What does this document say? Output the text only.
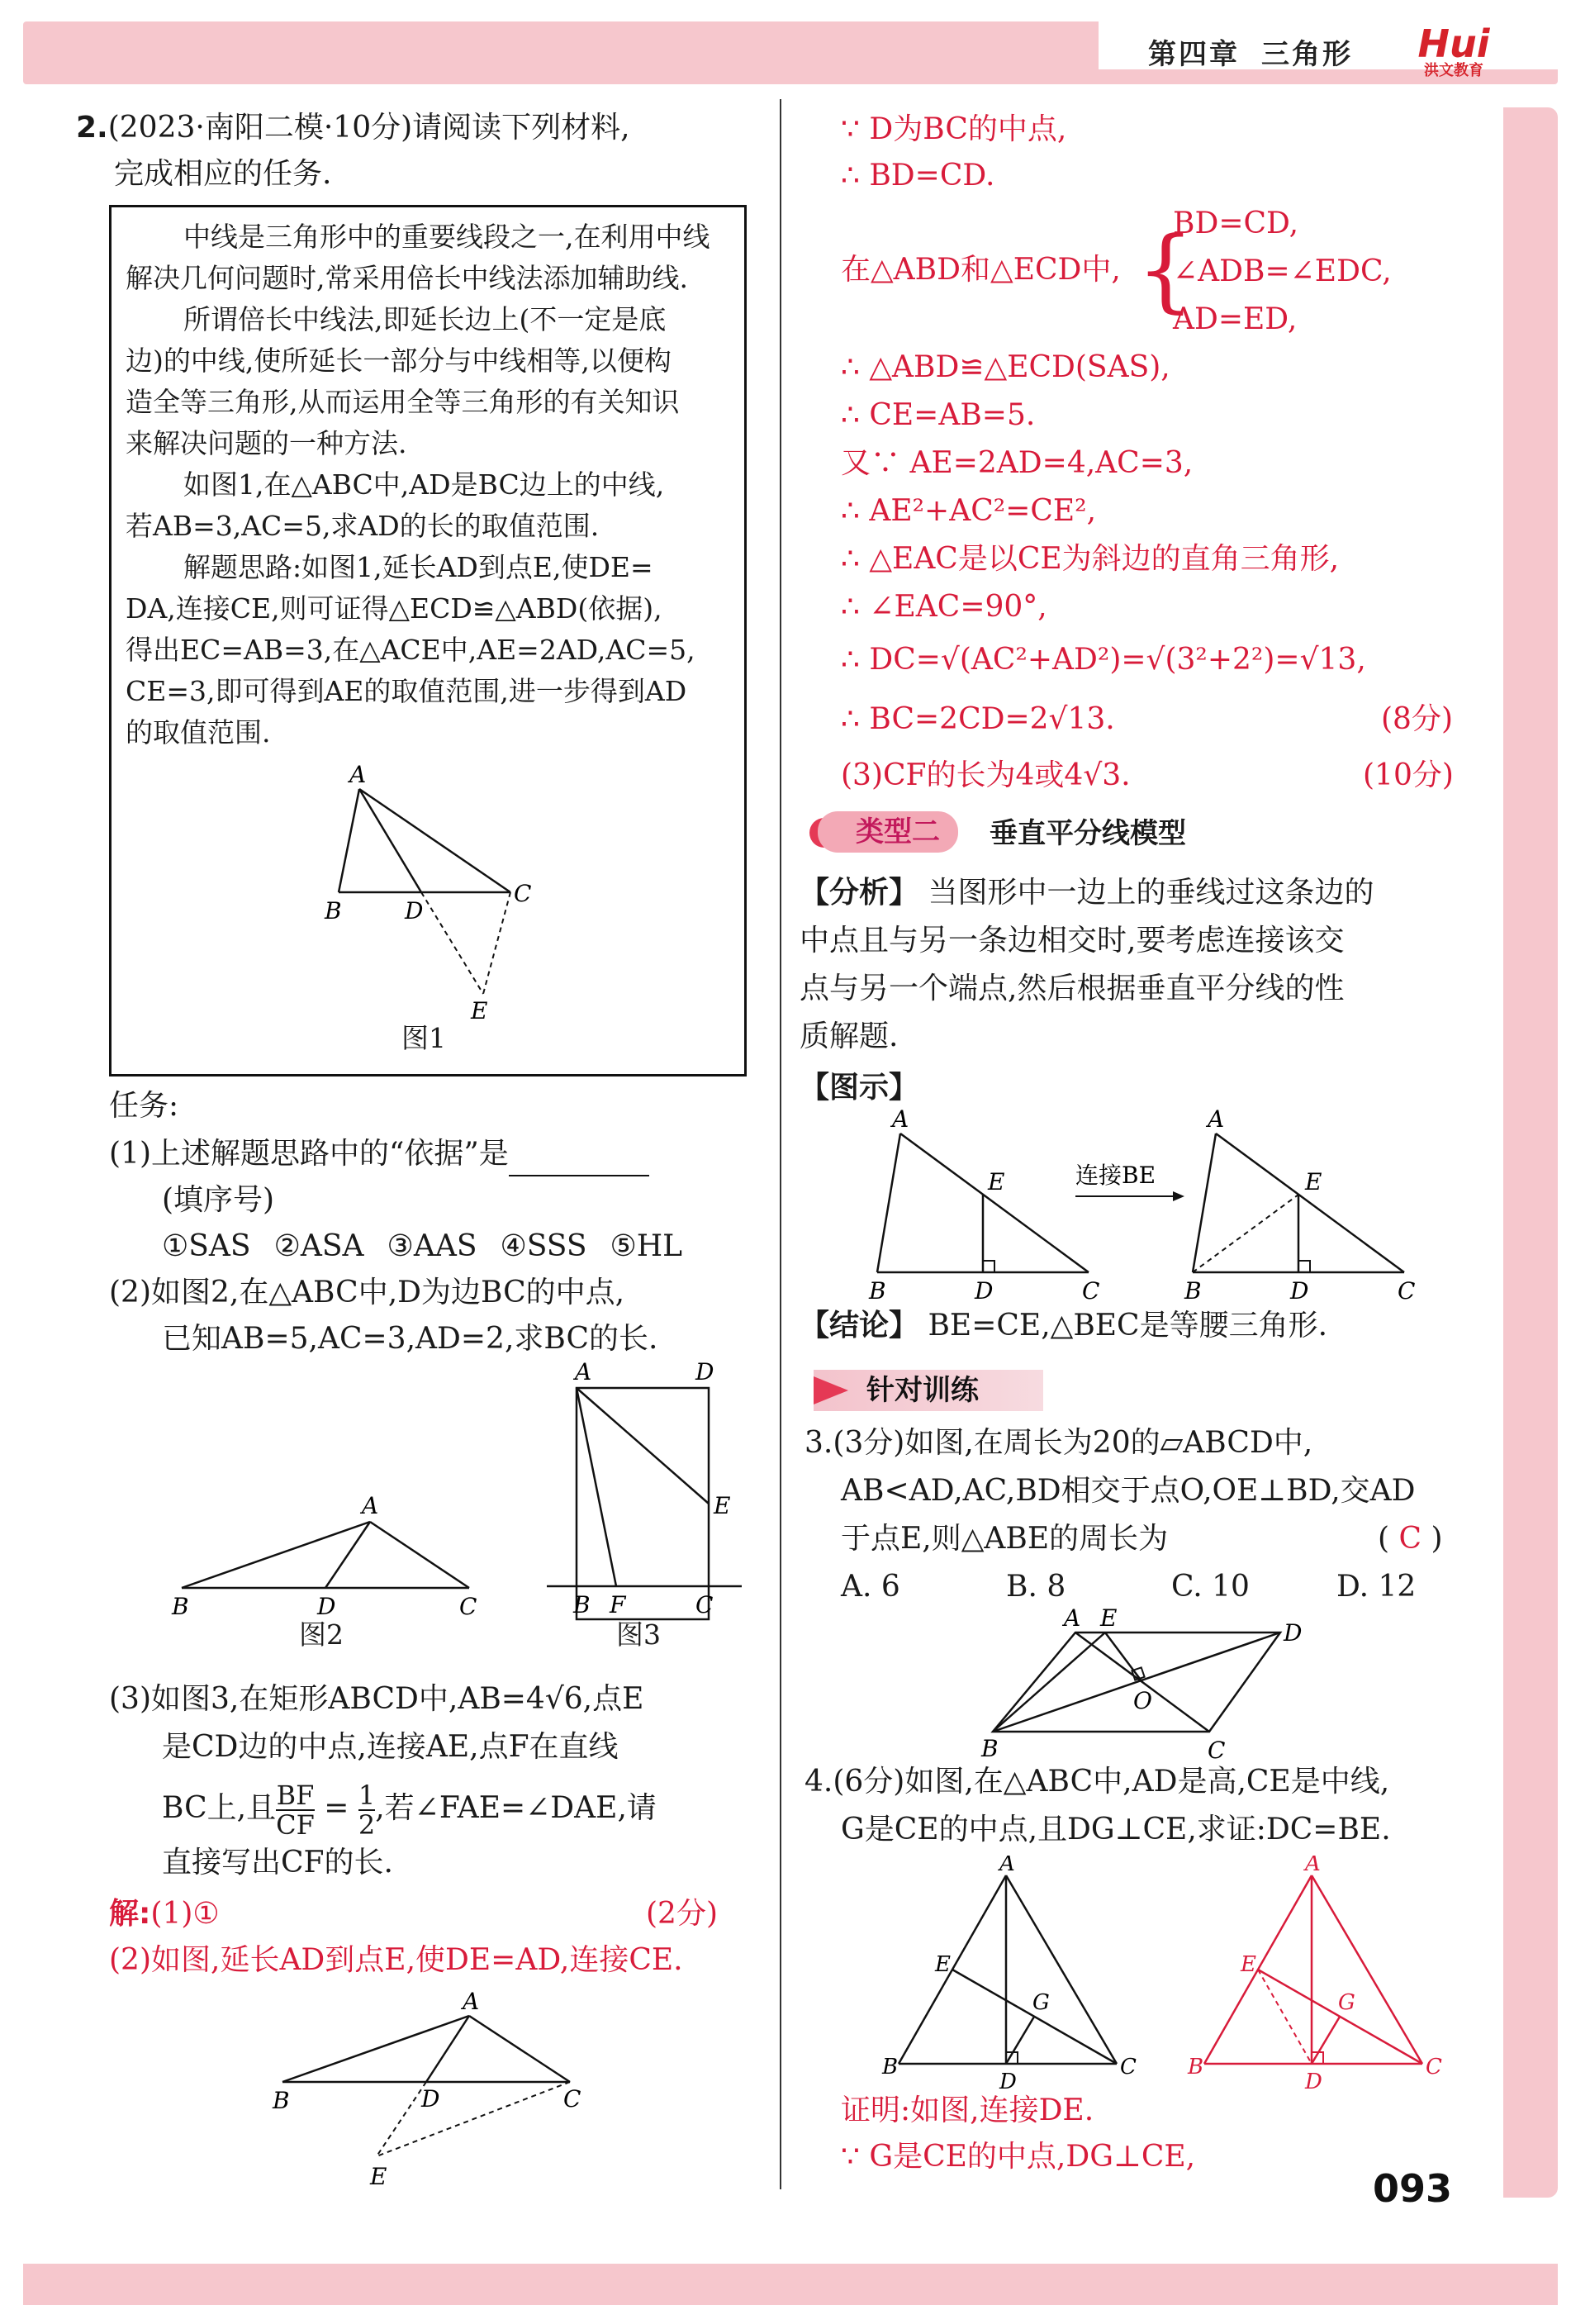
第四章 三角形	Hui
洪文教育
093
2.(2023·南阳二模·10分)请阅读下列材料,
完成相应的任务.
中线是三角形中的重要线段之一,在利用中线
解决几何问题时,常采用倍长中线法添加辅助线.
所谓倍长中线法,即延长边上(不一定是底
边)的中线,使所延长一部分与中线相等,以便构
造全等三角形,从而运用全等三角形的有关知识
来解决问题的一种方法.
如图1,在△ABC中,AD是BC边上的中线,
若AB=3,AC=5,求AD的长的取值范围.
解题思路:如图1,延长AD到点E,使DE=
DA,连接CE,则可证得△ECD≌△ABD(依据),
得出EC=AB=3,在△ACE中,AE=2AD,AC=5,
CE=3,即可得到AE的取值范围,进一步得到AD
的取值范围.
A
B	D
C
E
图1
任务:
(1)上述解题思路中的“依据”是
(填序号)
①SAS ②ASA ③AAS ④SSS ⑤HL
(2)如图2,在△ABC中,D为边BC的中点,
已知AB=5,AC=3,AD=2,求BC的长.
A
B	D	C
图2
A	D
E
B F	C
图3
(3)如图3,在矩形ABCD中,AB=4√6,点E
是CD边的中点,连接AE,点F在直线
BC上,且 $\frac{BF}{CF} = \frac{1}{2}$ ,若∠FAE=∠DAE,请
直接写出CF的长.
解:(1)①	(2分)
(2)如图,延长AD到点E,使DE=AD,连接CE.
A
B	D	C
E
∵ D为BC的中点,
∴ BD=CD.
在△ABD和△ECD中, {
BD=CD,
∠ADB=∠EDC,
AD=ED,
∴ △ABD≌△ECD(SAS),
∴ CE=AB=5.
又∵ AE=2AD=4,AC=3,
∴ AE²+AC²=CE²,
∴ △EAC是以CE为斜边的直角三角形,
∴ ∠EAC=90°,
∴ DC=√(AC²+AD²)=√(3²+2²)=√13,
∴ BC=2CD=2√13.	(8分)
(3)CF的长为4或4√3.	(10分)
类型二	垂直平分线模型
【分析】 当图形中一边上的垂线过这条边的
中点且与另一条边相交时,要考虑连接该交
点与另一个端点,然后根据垂直平分线的性
质解题.
【图示】
A
E
B	D	C
连接BE
A
E
B	D	C
【结论】 BE=CE,△BEC是等腰三角形.
针对训练
3.(3分)如图,在周长为20的▱ABCD中,
AB<AD,AC,BD相交于点O,OE⊥BD,交AD
于点E,则△ABE的周长为	( C )
A. 6	B. 8	C. 10	D. 12
A E
D
O
B	C
4.(6分)如图,在△ABC中,AD是高,CE是中线,
G是CE的中点,且DG⊥CE,求证:DC=BE.
A
E
G
B
D
C
A
E
G
B
D
C
证明:如图,连接DE.
∵ G是CE的中点,DG⊥CE,
